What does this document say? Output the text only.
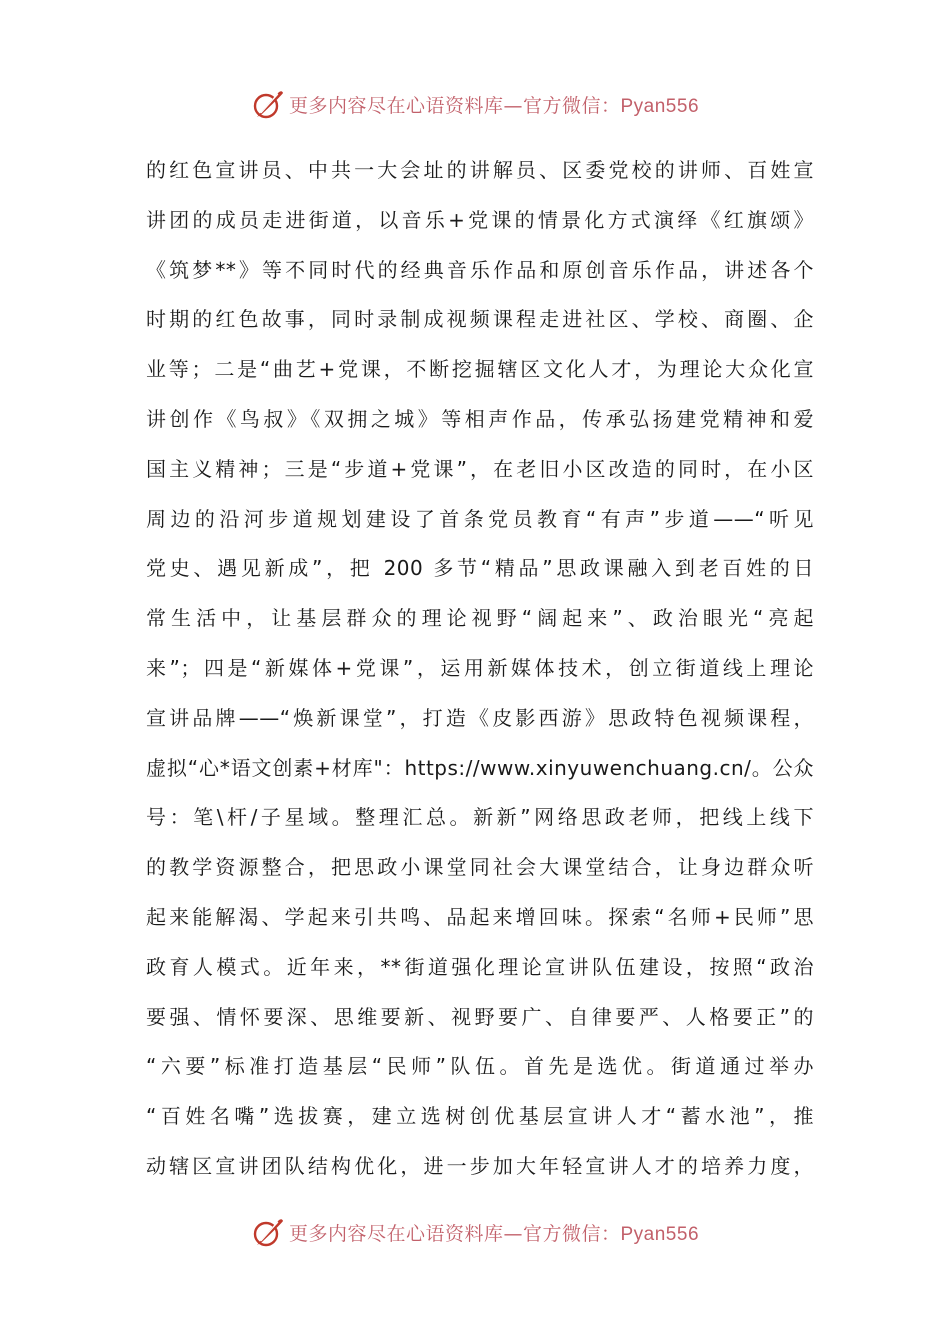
更多内容尽在心语资料库—官方微信：Pyan556
的红色宣讲员、中共一大会址的讲解员、区委党校的讲师、百姓宣
讲团的成员走进街道，以音乐+党课的情景化方式演绎《红旗颂》
《筑梦**》等不同时代的经典音乐作品和原创音乐作品，讲述各个
时期的红色故事，同时录制成视频课程走进社区、学校、商圈、企
业等；二是“曲艺+党课，不断挖掘辖区文化人才，为理论大众化宣
讲创作《鸟叔》《双拥之城》等相声作品，传承弘扬建党精神和爱
国主义精神；三是“步道+党课”，在老旧小区改造的同时，在小区
周边的沿河步道规划建设了首条党员教育“有声”步道——“听见
党史、遇见新成”，把 200 多节“精品”思政课融入到老百姓的日
常生活中，让基层群众的理论视野“阔起来”、政治眼光“亮起
来”；四是“新媒体+党课”，运用新媒体技术，创立街道线上理论
宣讲品牌——“焕新课堂”，打造《皮影西游》思政特色视频课程，
虚拟“心*语文创素+材库"：https://www.xinyuwenchuang.cn/。公众
号：笔\杆/子星域。整理汇总。新新”网络思政老师，把线上线下
的教学资源整合，把思政小课堂同社会大课堂结合，让身边群众听
起来能解渴、学起来引共鸣、品起来增回味。探索“名师+民师”思
政育人模式。近年来，**街道强化理论宣讲队伍建设，按照“政治
要强、情怀要深、思维要新、视野要广、自律要严、人格要正”的
“六要”标准打造基层“民师”队伍。首先是选优。街道通过举办
“百姓名嘴”选拔赛，建立选树创优基层宣讲人才“蓄水池”，推
动辖区宣讲团队结构优化，进一步加大年轻宣讲人才的培养力度，
更多内容尽在心语资料库—官方微信：Pyan556
